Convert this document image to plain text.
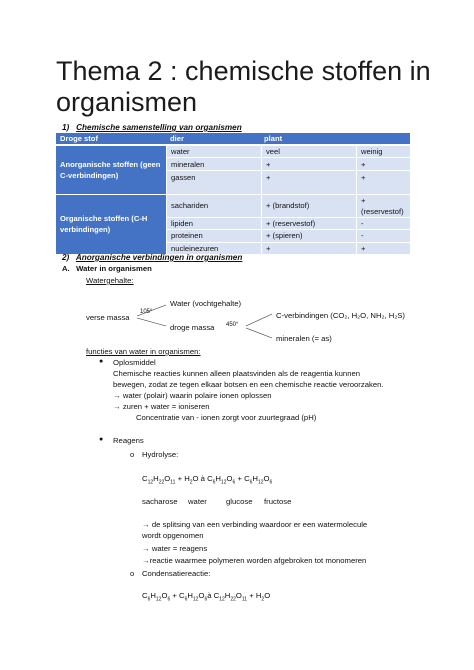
Thema 2 : chemische stoffen in organismen
1) Chemische samenstelling van organismen
Droge stof	dier	plant	
Anorganische stoffen (geen C-verbindingen)	water	veel	weinig
	mineralen	+	+
	gassen	+	+
Organische stoffen (C-H verbindingen)	sachariden	+ (brandstof)	+ (reservestof)
	lipiden	+ (reservestof)	-
	proteinen	+ (spieren)	-
	nucleinezuren	+	+
2) Anorganische verbindingen in organismen
A. Water in organismen
Watergehalte:
verse massa
105°
Water (vochtgehalte)
droge massa 450°
C-verbindingen (CO₂, H₂O, NH₂, H₂S)
mineralen (= as)
functies van water in organismen:
● Oplosmiddel
Chemische reacties kunnen alleen plaatsvinden als de reagentia kunnen
bewegen, zodat ze tegen elkaar botsen en een chemische reactie veroorzaken.
→ water (polair) waarin polaire ionen oplossen
→ zuren + water = ioniseren
Concentratie van - ionen zorgt voor zuurtegraad (pH)
● Reagens
o Hydrolyse:
$C_{12}H_{22}O_{11} + H_2O$ à $C_6H_{12}O_6 + C_6H_{12}O_6$
sacharose water glucose fructose
→ de splitsing van een verbinding waardoor er een watermolecule
wordt opgenomen
→ water = reagens
→reactie waarmee polymeren worden afgebroken tot monomeren
o Condensatiereactie:
$C_6H_{12}O_6$ + $C_6H_{12}O_6à$ $C_{12}H_{22}O_{11} + H_2O$
